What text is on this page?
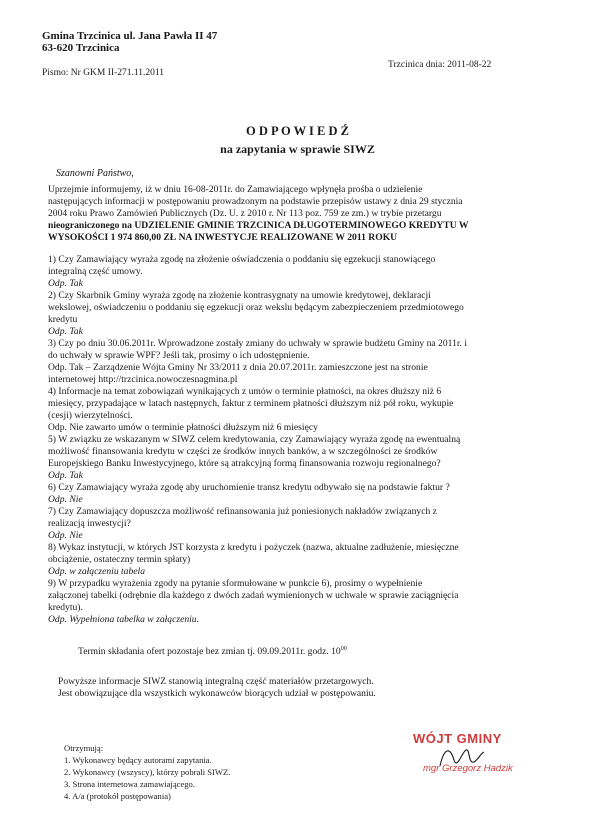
Gmina Trzcinica ul. Jana Pawła II 47
63-620 Trzcinica
Pismo: Nr GKM II-271.11.2011
Trzcinica dnia: 2011-08-22
O D P O W I E D Ź
na zapytania w sprawie SIWZ
Szanowni Państwo,
Uprzejmie informujemy, iż w dniu 16-08-2011r. do Zamawiającego wpłynęła prośba o udzielenie
następujących informacji w postępowaniu prowadzonym na podstawie przepisów ustawy z dnia 29 stycznia
2004 roku Prawo Zamówień Publicznych (Dz. U. z 2010 r. Nr 113 poz. 759 ze zm.) w trybie przetargu
nieograniczonego na UDZIELENIE GMINIE TRZCINICA DŁUGOTERMINOWEGO KREDYTU W
WYSOKOŚCI 1 974 860,00 ZŁ NA INWESTYCJE REALIZOWANE W 2011 ROKU
1) Czy Zamawiający wyraża zgodę na złożenie oświadczenia o poddaniu się egzekucji stanowiącego
integralną część umowy.
Odp. Tak
2) Czy Skarbnik Gminy wyraża zgodę na złożenie kontrasygnaty na umowie kredytowej, deklaracji
wekslowej, oświadczeniu o poddaniu się egzekucji oraz wekslu będącym zabezpieczeniem przedmiotowego
kredytu
Odp. Tak
3) Czy po dniu 30.06.2011r. Wprowadzone zostały zmiany do uchwały w sprawie budżetu Gminy na 2011r. i
do uchwały w sprawie WPF? Jeśli tak, prosimy o ich udostępnienie.
Odp. Tak – Zarządzenie Wójta Gminy Nr 33/2011 z dnia 20.07.2011r. zamieszczone jest na stronie
internetowej http://trzcinica.nowoczesnagmina.pl
4) Informacje na temat zobowiązań wynikających z umów o terminie płatności, na okres dłuższy niż 6
miesięcy, przypadające w latach następnych, faktur z terminem płatności dłuższym niż pół roku, wykupie
(cesji) wierzytelności.
Odp. Nie zawarto umów o terminie płatności dłuższym niż 6 miesięcy
5) W związku ze wskazanym w SIWZ celem kredytowania, czy Zamawiający wyraża zgodę na ewentualną
możliwość finansowania kredytu w części ze środków innych banków, a w szczególności ze środków
Europejskiego Banku Inwestycyjnego, które są atrakcyjną formą finansowania rozwoju regionalnego?
Odp. Tak
6) Czy Zamawiający wyraża zgodę aby uruchomienie transz kredytu odbywało się na podstawie faktur ?
Odp. Nie
7) Czy Zamawiający dopuszcza możliwość refinansowania już poniesionych nakładów związanych z
realizacją inwestycji?
Odp. Nie
8) Wykaz instytucji, w których JST korzysta z kredytu i pożyczek (nazwa, aktualne zadłużenie, miesięczne
obciążenie, ostateczny termin spłaty)
Odp. w załączeniu tabela
9) W przypadku wyrażenia zgody na pytanie sformułowane w punkcie 6), prosimy o wypełnienie
załączonej tabelki (odrębnie dla każdego z dwóch zadań wymienionych w uchwale w sprawie zaciągnięcia
kredytu).
Odp. Wypełniona tabelka w załączeniu.
Termin składania ofert pozostaje bez zmian tj. 09.09.2011r. godz. $10^{00}$
Powyższe informacje SIWZ stanowią integralną część materiałów przetargowych.
Jest obowiązujące dla wszystkich wykonawców biorących udział w postępowaniu.
WÓJT GMINY
mgr Grzegorz Hadzik
Otrzymują:
1. Wykonawcy będący autorami zapytania.
2. Wykonawcy (wszyscy), którzy pobrali SIWZ.
3. Strona internetowa zamawiającego.
4. A/a (protokół postępowania)
